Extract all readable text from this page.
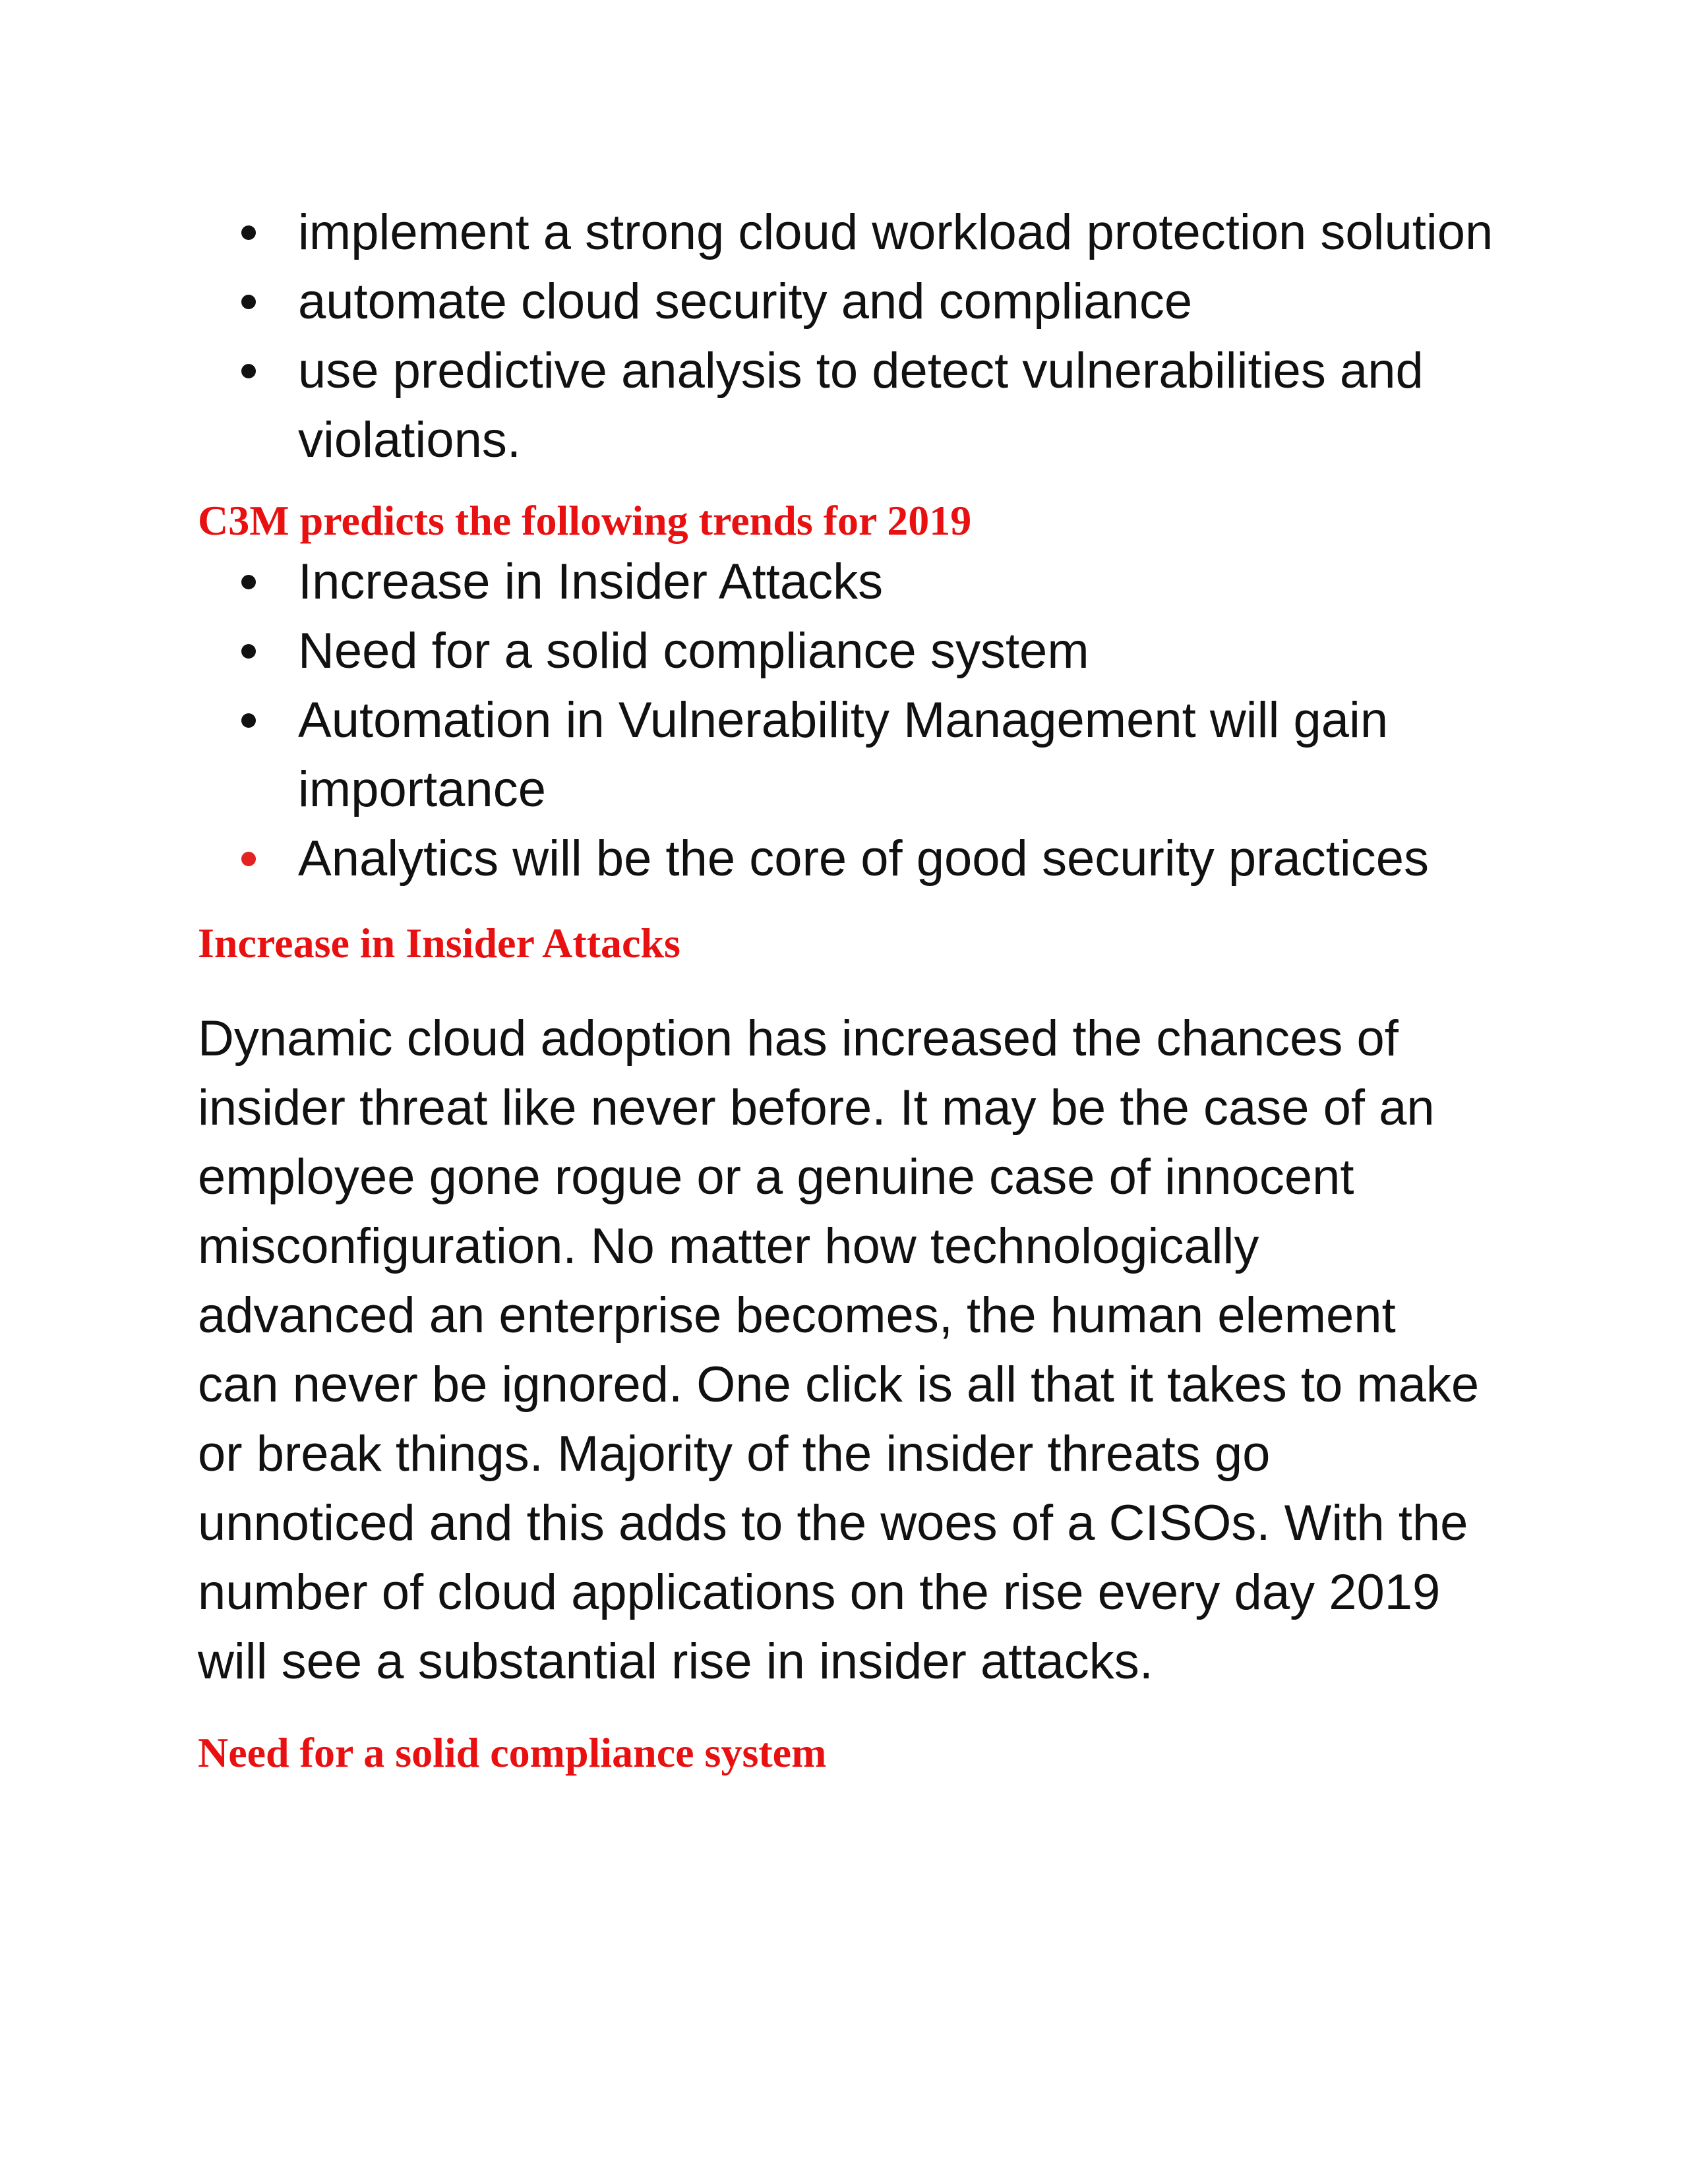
implement a strong cloud workload protection solution
automate cloud security and compliance
use predictive analysis to detect vulnerabilities and violations.
C3M predicts the following trends for 2019
Increase in Insider Attacks
Need for a solid compliance system
Automation in Vulnerability Management will gain importance
Analytics will be the core of good security practices
Increase in Insider Attacks

Dynamic cloud adoption has increased the chances of insider threat like never before. It may be the case of an employee gone rogue or a genuine case of innocent misconfiguration. No matter how technologically advanced an enterprise becomes, the human element can never be ignored. One click is all that it takes to make or break things. Majority of the insider threats go unnoticed and this adds to the woes of a CISOs. With the number of cloud applications on the rise every day 2019 will see a substantial rise in insider attacks.

Need for a solid compliance system
